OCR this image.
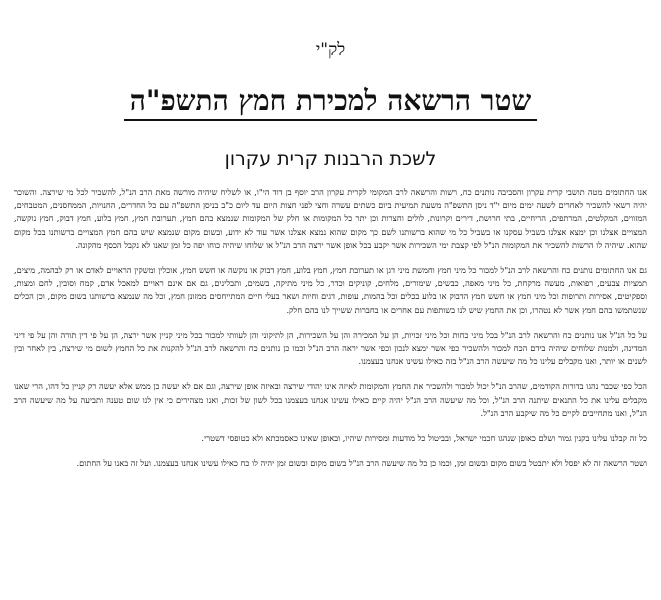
לק"י
שטר הרשאה למכירת חמץ התשפ"ה
לשכת הרבנות קרית עקרון

אנו החתומים מטה תושבי קרית עקרון והסביבה נותנים כח, רשות והרשאה לרב המקומי לקרית עקרון הרב יוסף בן דוד הי"ו, או לשליח שיהיה מורשה מאת הרב הנ"ל, להשכיר לכל מי שירצה. והשוכר יהיה רשאי להשכיר לאחרים לשעה ימים מיום י"ד ניסן התשפ"ה משעת תמיעית ביום כשתים עשרה וחצי לפני חצות היום עד ליום כ"ב בניסן התשפ"ה עם כל החדרים, החנויות, הממחסנים, המטבחים, המזווים, המקלטים, המרתפים, הריחיים, בתי חרושת, דירים וקרונות, לולים וחצרות וכן יתר כל המקומות או חלק של המקומות שנמצא בהם חמץ, תערובת חמץ, חמץ בלוע, חמץ דבוק, חמץ נוקשה, המצויים אצלנו וכן ימצא אצלנו בשביל עסקנו או בשביל כל מי שהוא ברשותנו לשם כך מקום שהוא נמצא אצלנו אשר עוד לא ידוע, ובשום מקום שנמצא שיש בהם חמץ המצויים ברשותנו בכל מקום שהוא. שיהיה לו הרשות להשכיר את המקומות הנ"ל לפי קצבת ימי השכירות אשר יקבע בכל אופן אשר ירצה הרב הנ"ל או שלוחו שיהיה כוחו יפה כל זמן שאנו לא נקבל הכסף מהקונה.

גם אנו החתומים נותנים כח והרשאה לרב הנ"ל למכור כל מיני חמץ וחמשת מיני דגן או תערובת חמץ, חמץ בלוע, חמץ דבוק או נוקשה או חשש חמץ, אוכלין ומשקין הראויים לאדם או רק לבהמה, מיצים, תמציות צבעים, רפואות, מעשה מרקחת, כל מיני מאפה, כבשים, שימורים, מלחים, קוניקים וכדר, כל מיני מתיקה, בשמים, ותבלינים, גם אם אינם ראויים למאכל אדם, קמח וסובין, לחם ומצות, וספקיטים, אסירות ותרופות וכל מיני חמץ או חשש חמץ הדבוק או בלוע בכלים וכל בהמות, עופות, דגים וחיות ושאר בעלי חיים המתייחסים ממזונן חמץ, וכל מה שנמצא ברשותנו בשום מקום, וכן הכלים שנשתמשו בהם חמץ אשר לא נטהרו, וכן את החמץ שיש לנו בשותפות עם אחרים או בחברות ששייך לנו בהם חלק.

על כל הנ"ל אנו נותנים כח והרשאה לרב הנ"ל בכל מיני כחות וכל מיני זכויות, הן על המכירה והן על השכירות, הן לתיקוני והן לעוותי למכור בכל מיני קניין אשר ירצה, הן על פי דין תורה והן על פי דיני המדינה, ולמנות שלוחים שיהיה בידם הכח למכור ולהשכיר כפי אשר ימצא לנכון וכפי אשר יראה הרב הנ"ל וכמו כן נותנים כח והרשאה לרב הנ"ל להקנות את כל החמץ לשום מי שירצה, בין לאחר ובין לשנים או יותר, ואנו מקבלים עלינו כל מה שיעשה הרב הנ"ל בזה כאילו עשינו אנחנו בעצמנו.

הכל כפי שכבר נהגו בדורות הקודמים, שהרב הנ"ל יכול למכור ולהשכיר את החמץ והמקומות לאיזה אינו יהודי שירצה ובאיזה אופן שירצה, וגם אם לא יעשה כן ממש אלא יעשה רק קניין כל דהו, הרי שאנו מקבלים עלינו את כל התנאים שיתנה הרב הנ"ל, וכל מה שיעשה הרב הנ"ל יהיה קיים כאילו עשינו אנחנו בעצמנו בכל לשון של זכות, ואנו מצהירים כי אין לנו שום טענה ותביעה על מה שיעשה הרב הנ"ל, ואנו מתחייבים לקיים כל מה שיקבע הרב הנ"ל.

כל זה קבלנו עלינו בקנין גמור ושלם כאופן שנהגו חכמי ישראל, ובביטול כל מודעות ומסירות שיהיו, ובאופן שאינו כאסמכתא ולא כטופסי דשטרי.

ושטר הרשאה זה לא יפסל ולא יתבטל בשום מקום ובשום זמן, וכמו כן כל מה שיעשה הרב הנ"ל בשום מקום ובשום זמן יהיה לו כח כאילו עשינו אנחנו בעצמנו. ועל זה באנו על החתום.
